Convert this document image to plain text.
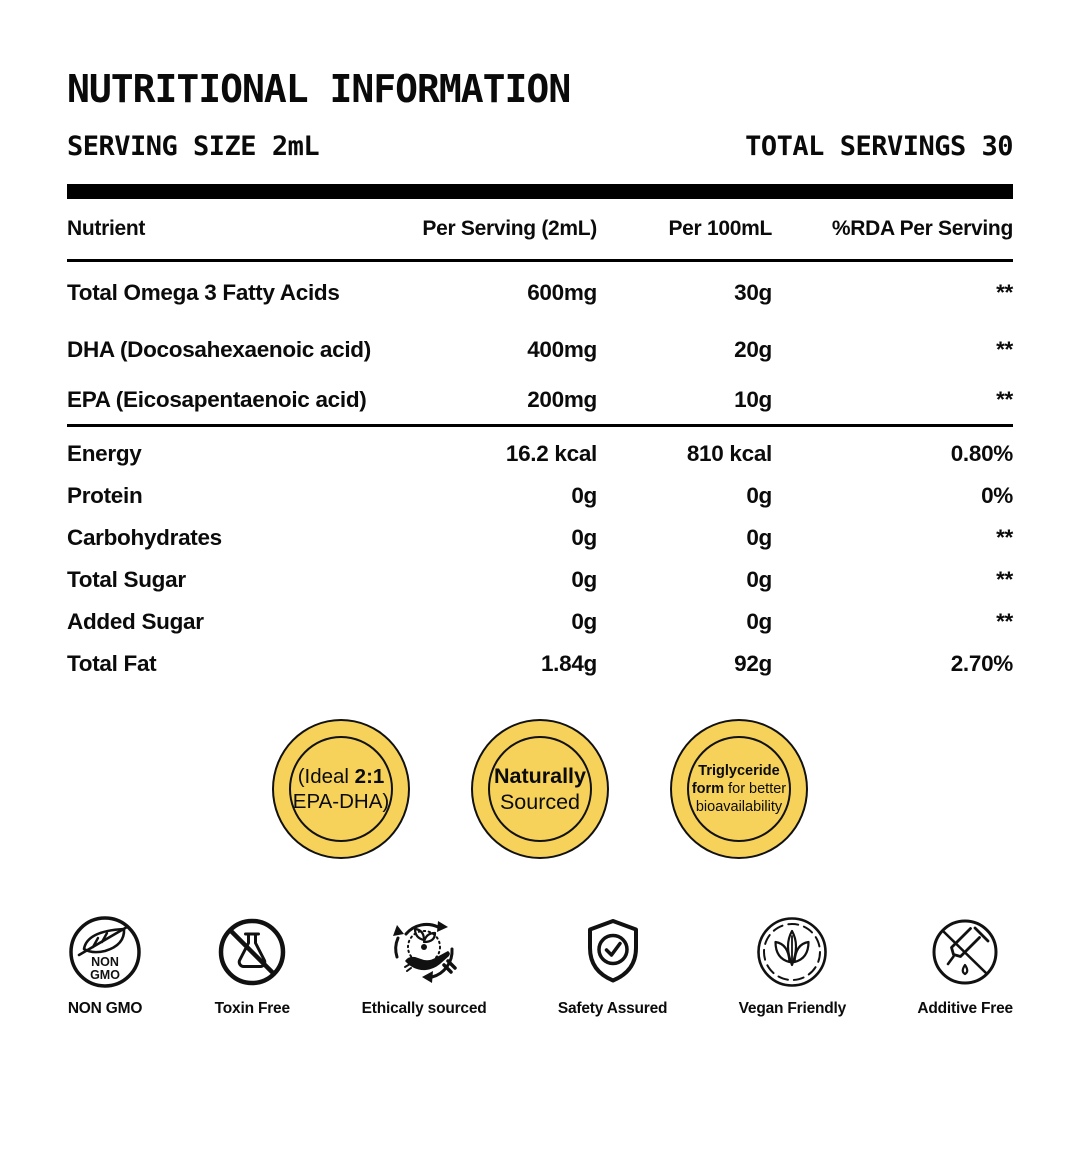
NUTRITIONAL INFORMATION
SERVING SIZE 2mL	TOTAL SERVINGS 30
Nutrient	Per Serving (2mL)	Per 100mL	%RDA Per Serving
Total Omega 3 Fatty Acids	600mg	30g	**
DHA (Docosahexaenoic acid)	400mg	20g	**
EPA (Eicosapentaenoic acid)	200mg	10g	**
Energy	16.2 kcal	810 kcal	0.80%
Protein	0g	0g	0%
Carbohydrates	0g	0g	**
Total Sugar	0g	0g	**
Added Sugar	0g	0g	**
Total Fat	1.84g	92g	2.70%
(Ideal 2:1
EPA-DHA)
Naturally
Sourced
Triglyceride
form for better
bioavailability
NON
GMO
NON GMO	Toxin Free	Ethically sourced	Safety Assured	Vegan Friendly	Additive Free
